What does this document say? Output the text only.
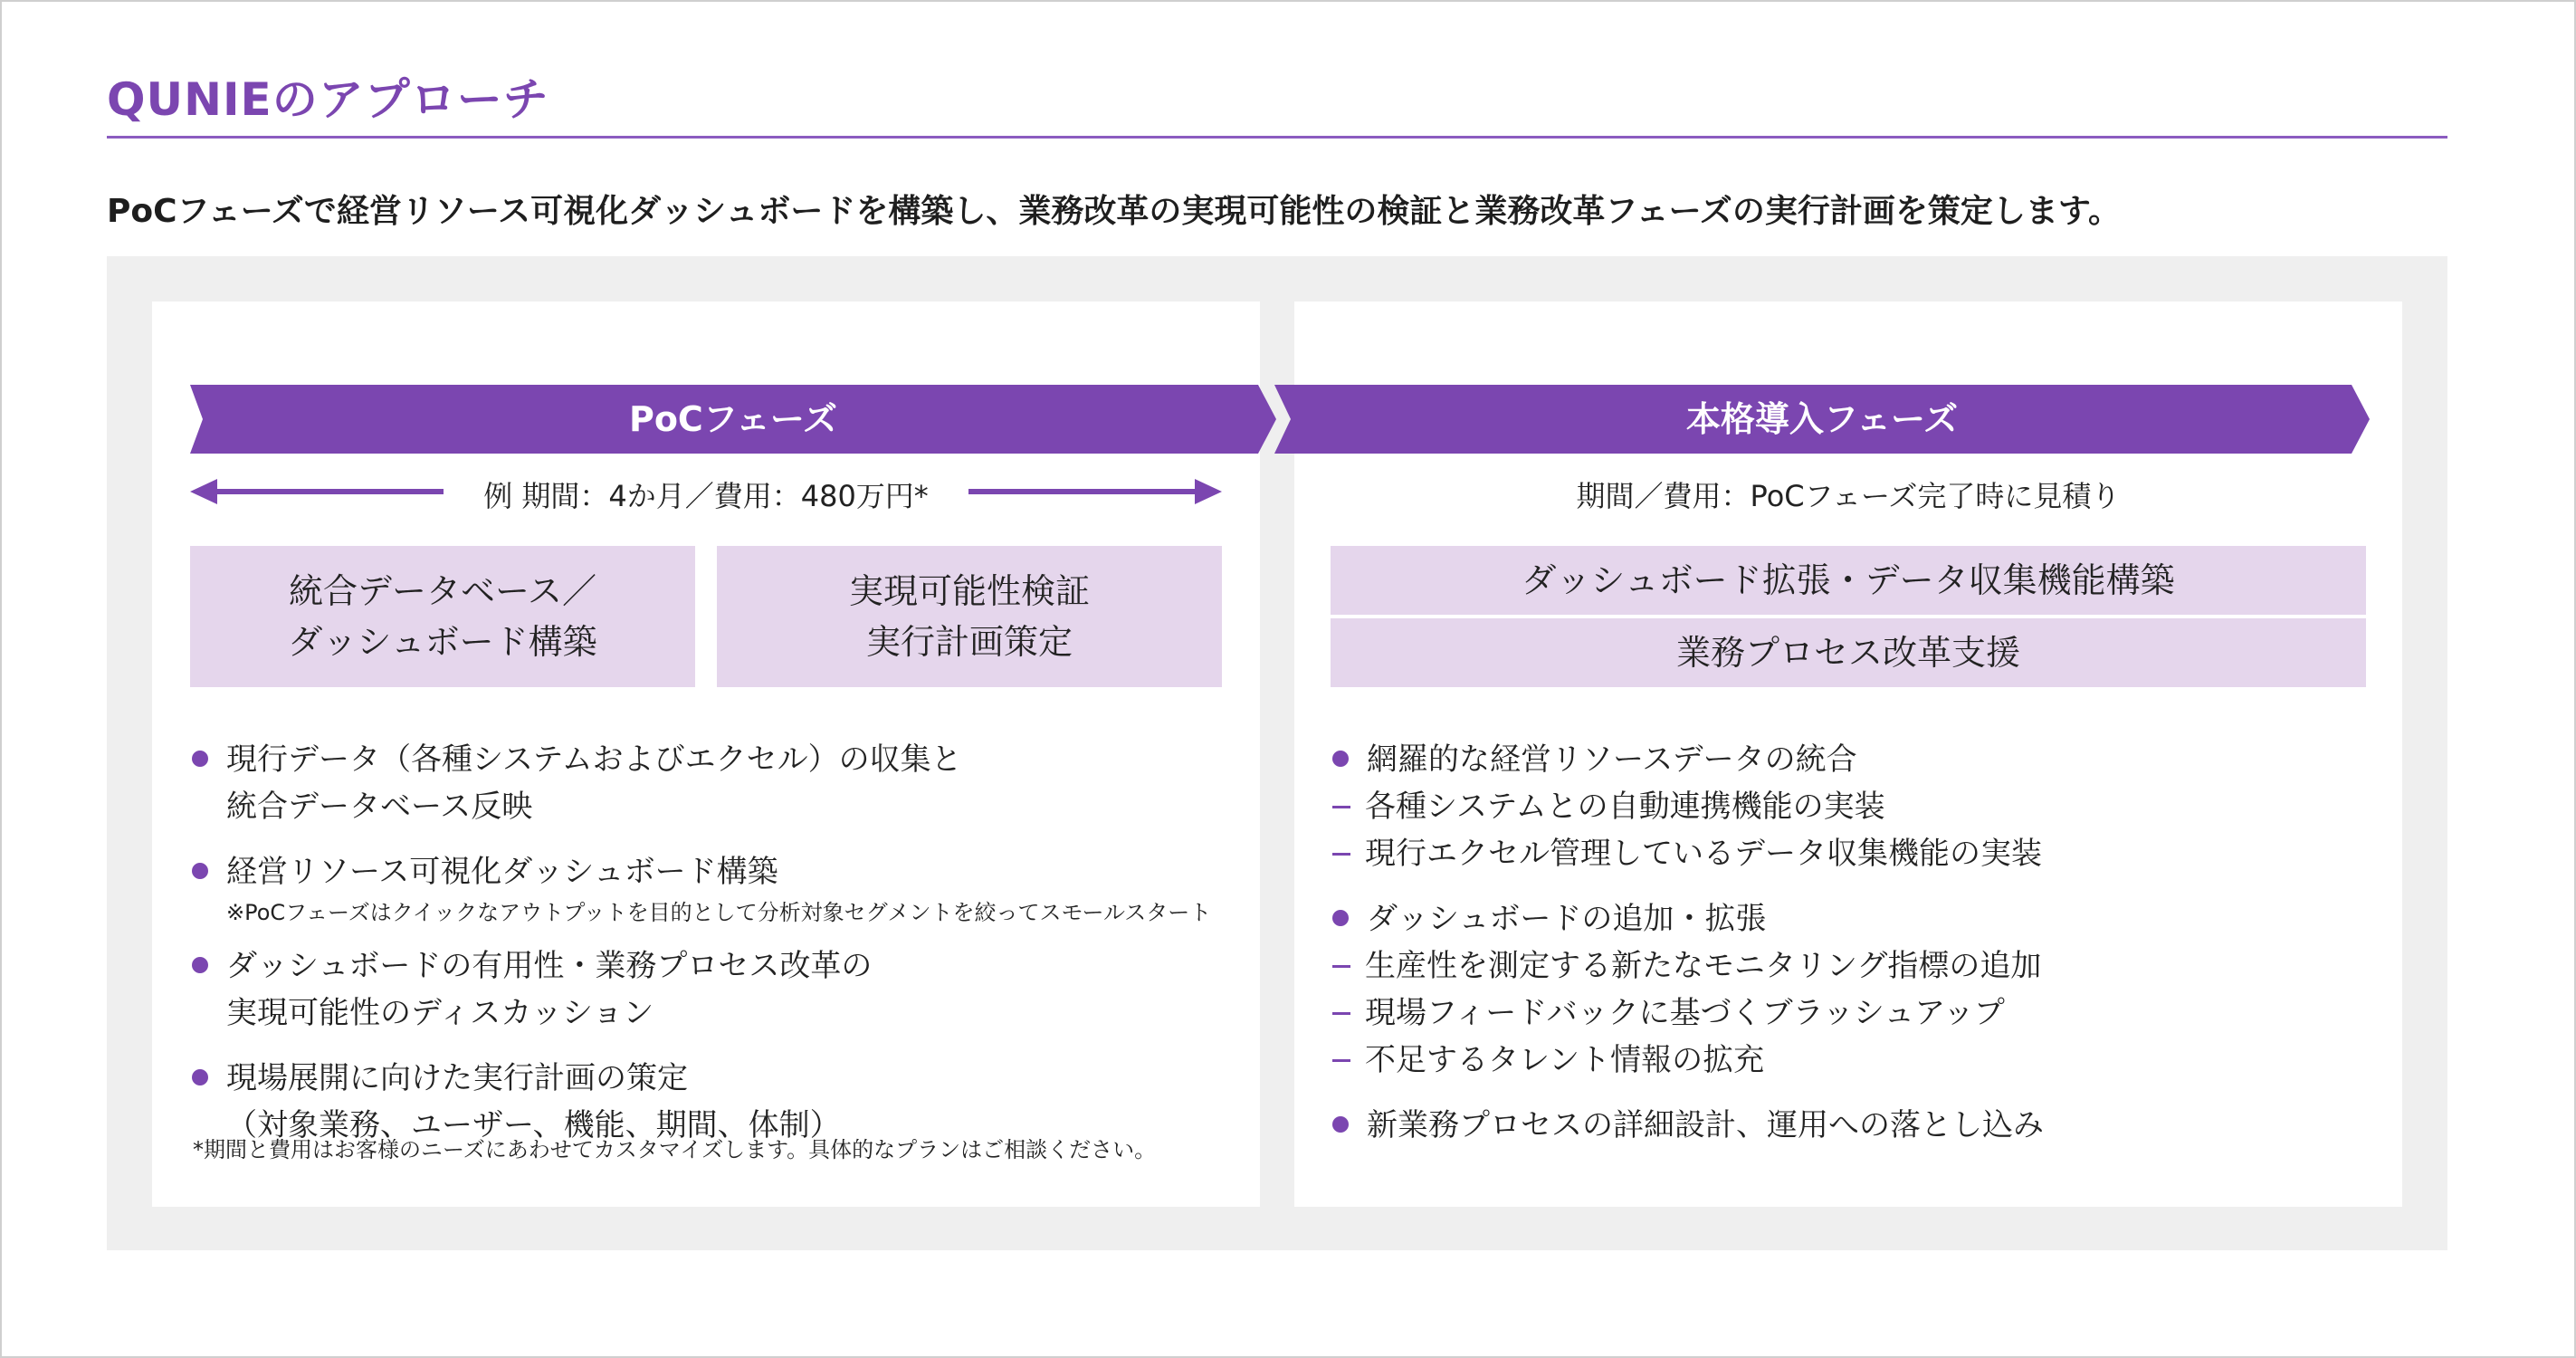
QUNIEのアプローチ
PoCフェーズで経営リソース可視化ダッシュボードを構築し、業務改革の実現可能性の検証と業務改革フェーズの実行計画を策定します。
PoCフェーズ
例 期間：4か月／費用：480万円*
統合データベース／
ダッシュボード構築
実現可能性検証
実行計画策定
現行データ（各種システムおよびエクセル）の収集と
統合データベース反映
経営リソース可視化ダッシュボード構築
※PoCフェーズはクイックなアウトプットを目的として分析対象セグメントを絞ってスモールスタート
ダッシュボードの有用性・業務プロセス改革の
実現可能性のディスカッション
現場展開に向けた実行計画の策定
（対象業務、ユーザー、機能、期間、体制）
本格導入フェーズ
期間／費用：PoCフェーズ完了時に見積り
ダッシュボード拡張・データ収集機能構築
業務プロセス改革支援
網羅的な経営リソースデータの統合
各種システムとの自動連携機能の実装
現行エクセル管理しているデータ収集機能の実装
ダッシュボードの追加・拡張
生産性を測定する新たなモニタリング指標の追加
現場フィードバックに基づくブラッシュアップ
不足するタレント情報の拡充
新業務プロセスの詳細設計、運用への落とし込み
*期間と費用はお客様のニーズにあわせてカスタマイズします。具体的なプランはご相談ください。
